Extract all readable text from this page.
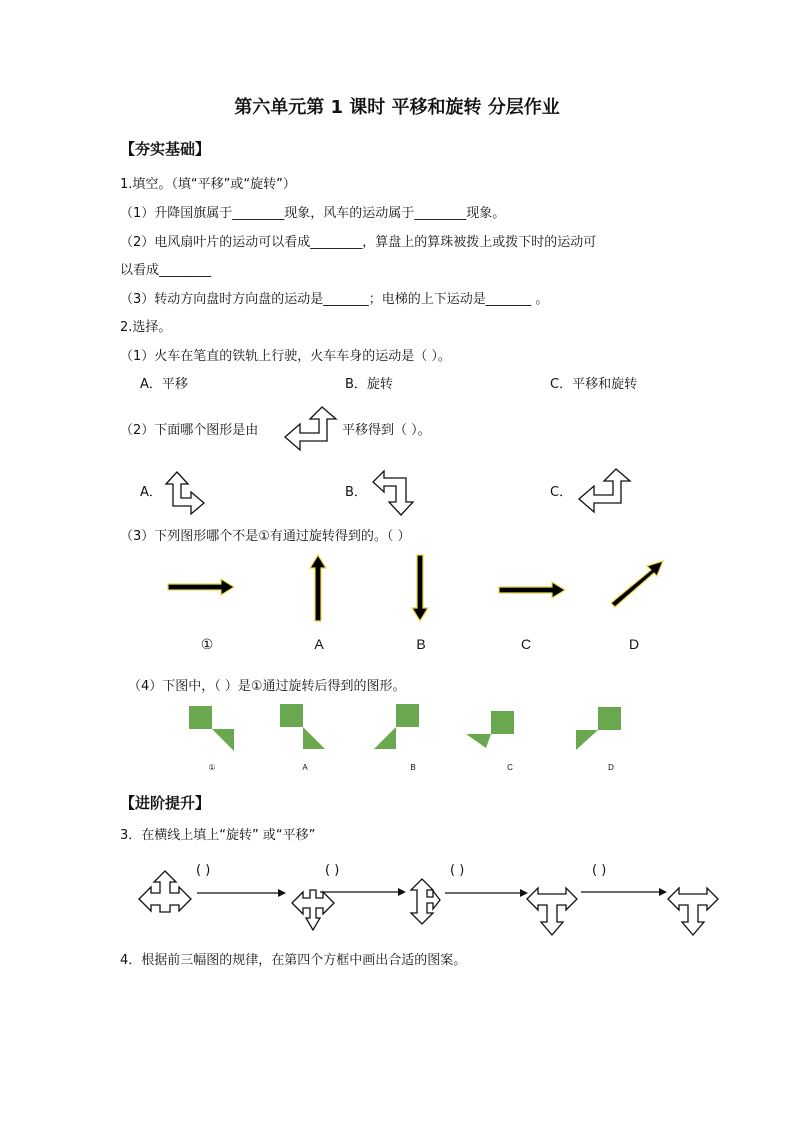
第六单元第 1 课时 平移和旋转 分层作业
【夯实基础】
1.填空。（填“平移”或“旋转”）
（1）升降国旗属于________现象，风车的运动属于________现象。
（2）电风扇叶片的运动可以看成________，算盘上的算珠被拨上或拨下时的运动可
以看成________
（3）转动方向盘时方向盘的运动是_______；电梯的上下运动是_______ 。
2.选择。
（1）火车在笔直的铁轨上行驶，火车车身的运动是（ ）。
A．平移	B．旋转	C．平移和旋转
（2）下面哪个图形是由	平移得到（ ）。
A．	B．	C．
（3）下列图形哪个不是①有通过旋转得到的。（ ）
①	A	B	C	D
（4）下图中，（ ）是①通过旋转后得到的图形。
①	A	B	C	D
【进阶提升】
3．在横线上填上“旋转” 或“平移”
( )	( )	( )	( )
4．根据前三幅图的规律，在第四个方框中画出合适的图案。
